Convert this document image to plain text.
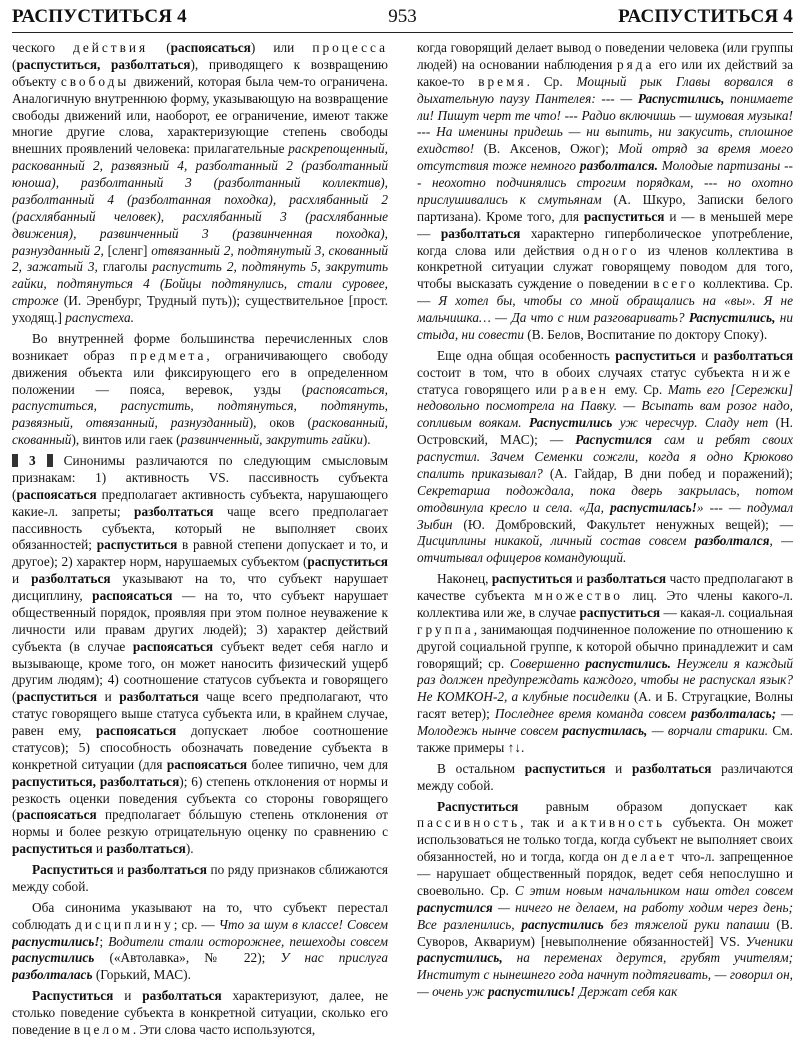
РАСПУСТИТЬСЯ 4	953	РАСПУСТИТЬСЯ 4

ческого действия (распоясаться) или процесса (распуститься, разболтаться), приводящего к возвращению объекту свободы движений, которая была чем-то ограничена. Аналогичную внутреннюю форму, указывающую на возвращение свободы движений или, наоборот, ее ограничение, имеют также многие другие слова, характеризующие степень свободы внешних проявлений человека: прилагательные раскрепощенный, раскованный 2, развязный 4, разболтанный 2 (разболтанный юноша), разболтанный 3 (разболтанный коллектив), разболтанный 4 (разболтанная походка), расхлябанный 2 (расхлябанный человек), расхлябанный 3 (расхлябанные движения), развинченный 3 (развинченная походка), разнузданный 2, [сленг] отвязанный 2, подтянутый 3, скованный 2, зажатый 3, глаголы распустить 2, подтянуть 5, закрутить гайки, подтянуться 4 (Бойцы подтянулись, стали суровее, строже (И. Эренбург, Трудный путь)); существительное [прост. уходящ.] распустеха.

Во внутренней форме большинства перечисленных слов возникает образ предмета, ограничивающего свободу движения объекта или фиксирующего его в определенном положении — пояса, веревок, узды (распоясаться, распуститься, распустить, подтянуться, подтянуть, развязный, отвязанный, разнузданный), оков (раскованный, скованный), винтов или гаек (развинченный, закрутить гайки).

3  Синонимы различаются по следующим смысловым признакам: 1) активность VS. пассивность субъекта (распоясаться предполагает активность субъекта, нарушающего какие-л. запреты; разболтаться чаще всего предполагает пассивность субъекта, который не выполняет своих обязанностей; распуститься в равной степени допускает и то, и другое); 2) характер норм, нарушаемых субъектом (распуститься и разболтаться указывают на то, что субъект нарушает дисциплину, распоясаться — на то, что субъект нарушает общественный порядок, проявляя при этом полное неуважение к личности или правам других людей); 3) характер действий субъекта (в случае распоясаться субъект ведет себя нагло и вызывающе, кроме того, он может наносить физический ущерб другим людям); 4) соотношение статусов субъекта и говорящего (распуститься и разболтаться чаще всего предполагают, что статус говорящего выше статуса субъекта или, в крайнем случае, равен ему, распоясаться допускает любое соотношение статусов); 5) способность обозначать поведение субъекта в конкретной ситуации (для распоясаться более типично, чем для распуститься, разболтаться); 6) степень отклонения от нормы и резкость оценки поведения субъекта со стороны говорящего (распоясаться предполагает бóльшую степень отклонения от нормы и более резкую отрицательную оценку по сравнению с распуститься и разболтаться).

Распуститься и разболтаться по ряду признаков сближаются между собой.

Оба синонима указывают на то, что субъект перестал соблюдать дисциплину; ср. — Что за шум в классе! Совсем распустились!; Водители стали осторожнее, пешеходы совсем распустились («Автолавка», № 22); У нас прислуга разболталась (Горький, МАС).

Распуститься и разболтаться характеризуют, далее, не столько поведение субъекта в конкретной ситуации, сколько его поведение в целом. Эти слова часто используются,

когда говорящий делает вывод о поведении человека (или группы людей) на основании наблюдения ряда его или их действий за какое-то время. Ср. Мощный рык Главы ворвался в дыхательную паузу Пантелея: --- — Распустились, понимаете ли! Пишут черт те что! --- Радио включишь — шумовая музыка! --- На именины придешь — ни выпить, ни закусить, сплошное ехидство! (В. Аксенов, Ожог); Мой отряд за время моего отсутствия тоже немного разболтался. Молодые партизаны --- неохотно подчинялись строгим порядкам, --- но охотно прислушивались к смутьянам (А. Шкуро, Записки белого партизана). Кроме того, для распуститься и — в меньшей мере — разболтаться характерно гиперболическое употребление, когда слова или действия одного из членов коллектива в конкретной ситуации служат говорящему поводом для того, чтобы высказать суждение о поведении всего коллектива. Ср. — Я хотел бы, чтобы со мной обращались на «вы». Я не мальчишка… — Да что с ним разговаривать? Распустились, ни стыда, ни совести (В. Белов, Воспитание по доктору Споку).

Еще одна общая особенность распуститься и разболтаться состоит в том, что в обоих случаях статус субъекта ниже статуса говорящего или равен ему. Ср. Мать его [Сережки] недовольно посмотрела на Павку. — Всыпать вам розог надо, сопливым воякам. Распустились уж чересчур. Сладу нет (Н. Островский, МАС); — Распустился сам и ребят своих распустил. Зачем Семенки сожгли, когда я одно Крюково спалить приказывал? (А. Гайдар, В дни побед и поражений); Секретарша подождала, пока дверь закрылась, потом отодвинула кресло и села. «Да, распустилась!» --- — подумал Зыбин (Ю. Домбровский, Факультет ненужных вещей); — Дисциплины никакой, личный состав совсем разболтался, — отчитывал офицеров командующий.

Наконец, распуститься и разболтаться часто предполагают в качестве субъекта множество лиц. Это члены какого-л. коллектива или же, в случае распуститься — какая-л. социальная группа, занимающая подчиненное положение по отношению к другой социальной группе, к которой обычно принадлежит и сам говорящий; ср. Совершенно распустились. Неужели я каждый раз должен предупреждать каждого, чтобы не распускал язык? Не КОМКОН-2, а клубные посиделки (А. и Б. Стругацкие, Волны гасят ветер); Последнее время команда совсем разболталась; — Молодежь нынче совсем распустилась, — ворчали старики. См. также примеры ↑↓.

В остальном распуститься и разболтаться различаются между собой.

Распуститься равным образом допускает как пассивность, так и активность субъекта. Он может использоваться не только тогда, когда субъект не выполняет своих обязанностей, но и тогда, когда он делает что-л. запрещенное — нарушает общественный порядок, ведет себя непослушно и своевольно. Ср. С этим новым начальником наш отдел совсем распустился — ничего не делаем, на работу ходим через день; Все разленились, распустились без тяжелой руки папаши (В. Суворов, Аквариум) [невыполнение обязанностей] VS. Ученики распустились, на переменах дерутся, грубят учителям; Институт с нынешнего года начнут подтягивать, — говорил он, — очень уж распустились! Держат себя как
